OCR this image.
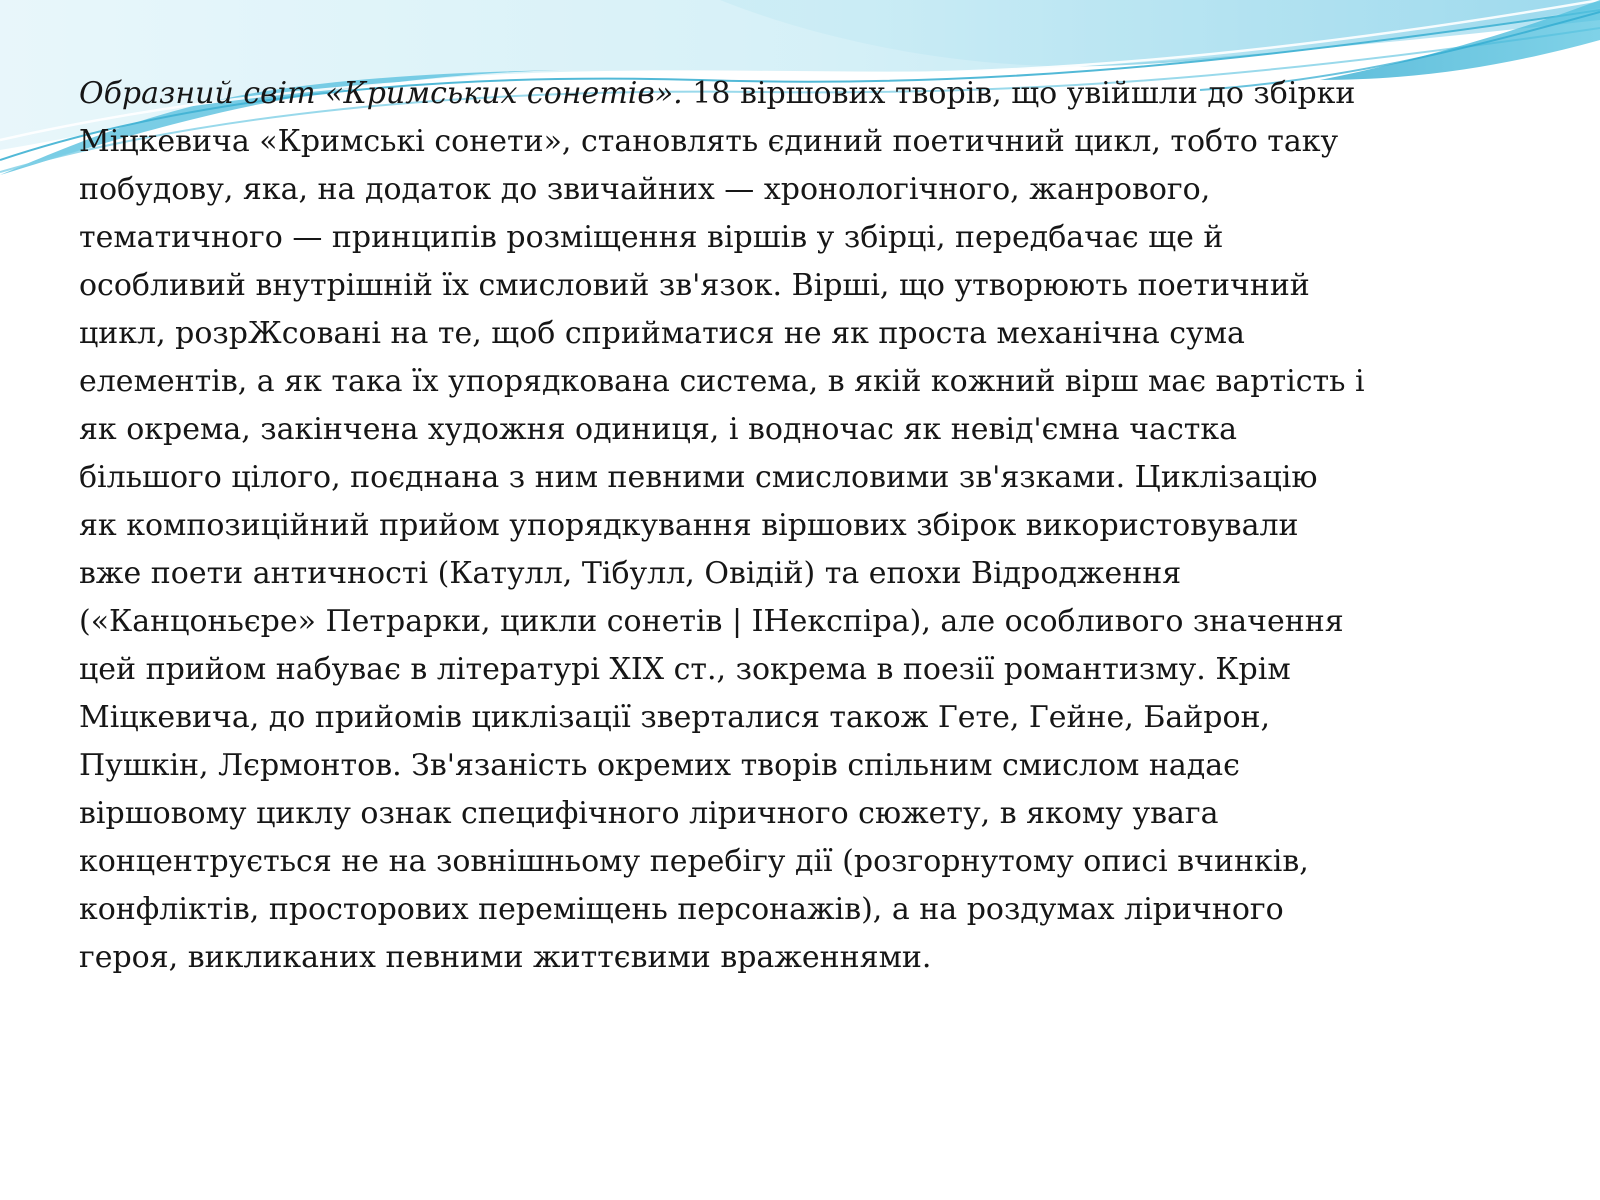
Образний світ «Кримських сонетів». 18 віршових творів, що увійшли до збірки
Міцкевича «Кримські сонети», становлять єдиний поетичний цикл, тобто таку
побудову, яка, на додаток до звичайних — хронологічного, жанрового,
тематичного — принципів розміщення віршів у збірці, передбачає ще й
особливий внутрішній їх смисловий зв'язок. Вірші, що утворюють поетичний
цикл, розрЖсовані на те, щоб сприйматися не як проста механічна сума
елементів, а як така їх упорядкована система, в якій кожний вірш має вартість і
як окрема, закінчена художня одиниця, і водночас як невід'ємна частка
більшого цілого, поєднана з ним певними смисловими зв'язками. Циклізацію
як композиційний прийом упорядкування віршових збірок використовували
вже поети античності (Катулл, Тібулл, Овідій) та епохи Відродження
(«Канцоньєре» Петрарки, цикли сонетів | ІНекспіра), але особливого значення
цей прийом набуває в літературі XIX ст., зокрема в поезії романтизму. Крім
Міцкевича, до прийомів циклізації зверталися також Гете, Гейне, Байрон,
Пушкін, Лєрмонтов. Зв'язаність окремих творів спільним смислом надає
віршовому циклу ознак специфічного ліричного сюжету, в якому увага
концентрується не на зовнішньому перебігу дії (розгорнутому описі вчинків,
конфліктів, просторових переміщень персонажів), а на роздумах ліричного
героя, викликаних певними життєвими враженнями.
